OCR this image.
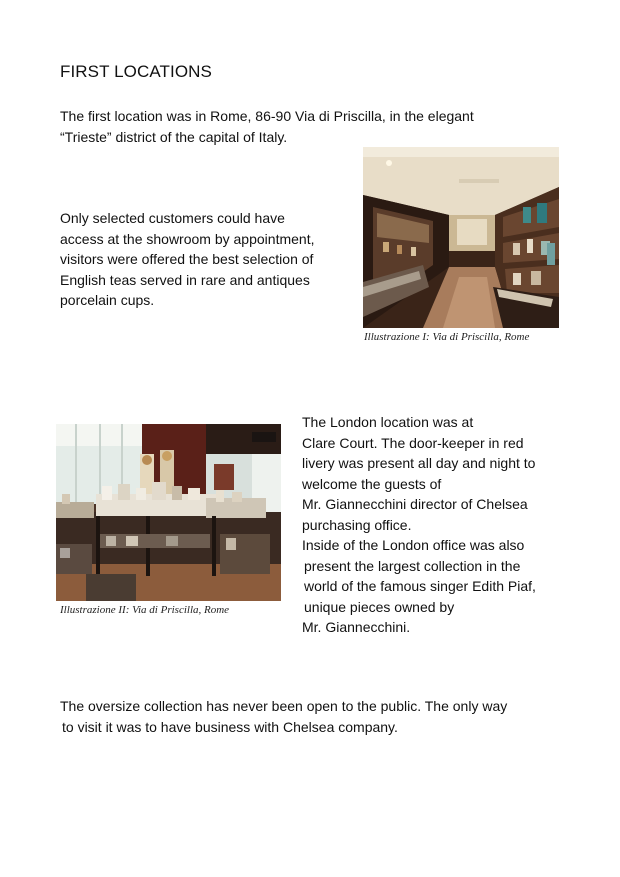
FIRST LOCATIONS
The first location was in Rome, 86-90 Via di Priscilla, in the elegant
“Trieste” district of the capital of Italy.
Only selected customers could have
access at the showroom by appointment,
visitors were offered the best selection of
English teas served in rare and antiques
porcelain cups.
Illustrazione I: Via di Priscilla, Rome
Illustrazione II: Via di Priscilla, Rome
The London location was at
Clare Court. The door-keeper in red
livery was present all day and night to
welcome the guests of
Mr. Giannecchini director of Chelsea
purchasing office.
Inside of the London office was also
present the largest collection in the
world of the famous singer Edith Piaf,
unique pieces owned by
Mr. Giannecchini.
The oversize collection has never been open to the public. The only way
to visit it was to have business with Chelsea company.
